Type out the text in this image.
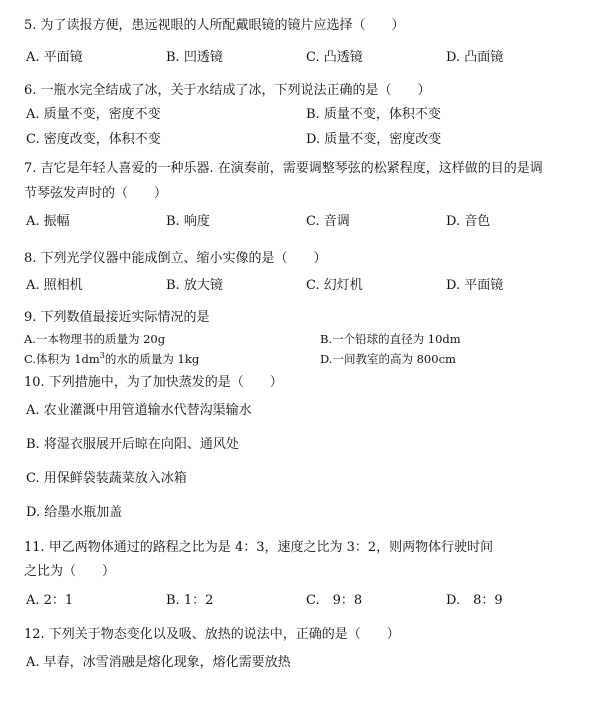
5. 为了读报方便，患远视眼的人所配戴眼镜的镜片应选择（　　）
A. 平面镜	B. 凹透镜	C. 凸透镜	D. 凸面镜
6. 一瓶水完全结成了冰，关于水结成了冰，下列说法正确的是（　　）
A. 质量不变，密度不变	B. 质量不变，体积不变
C. 密度改变，体积不变	D. 质量不变，密度改变
7. 吉它是年轻人喜爱的一种乐器. 在演奏前，需要调整琴弦的松紧程度，这样做的目的是调
节琴弦发声时的（　　）
A. 振幅	B. 响度	C. 音调	D. 音色
8. 下列光学仪器中能成倒立、缩小实像的是（　　）
A. 照相机	B. 放大镜	C. 幻灯机	D. 平面镜
9. 下列数值最接近实际情况的是
A.一本物理书的质量为 20g	B.一个铅球的直径为 10dm
C.体积为 $1dm^3$的水的质量为 1kg	D.一间教室的高为 800cm
10. 下列措施中，为了加快蒸发的是（　　）
A. 农业灌溉中用管道输水代替沟渠输水
B. 将湿衣服展开后晾在向阳、通风处
C. 用保鲜袋装蔬菜放入冰箱
D. 给墨水瓶加盖
11. 甲乙两物体通过的路程之比为是 4：3，速度之比为 3：2，则两物体行驶时间
之比为（　　）
A. 2：1	B. 1：2	C.　9：8	D.　8：9
12. 下列关于物态变化以及吸、放热的说法中，正确的是（　　）
A. 早春，冰雪消融是熔化现象，熔化需要放热
